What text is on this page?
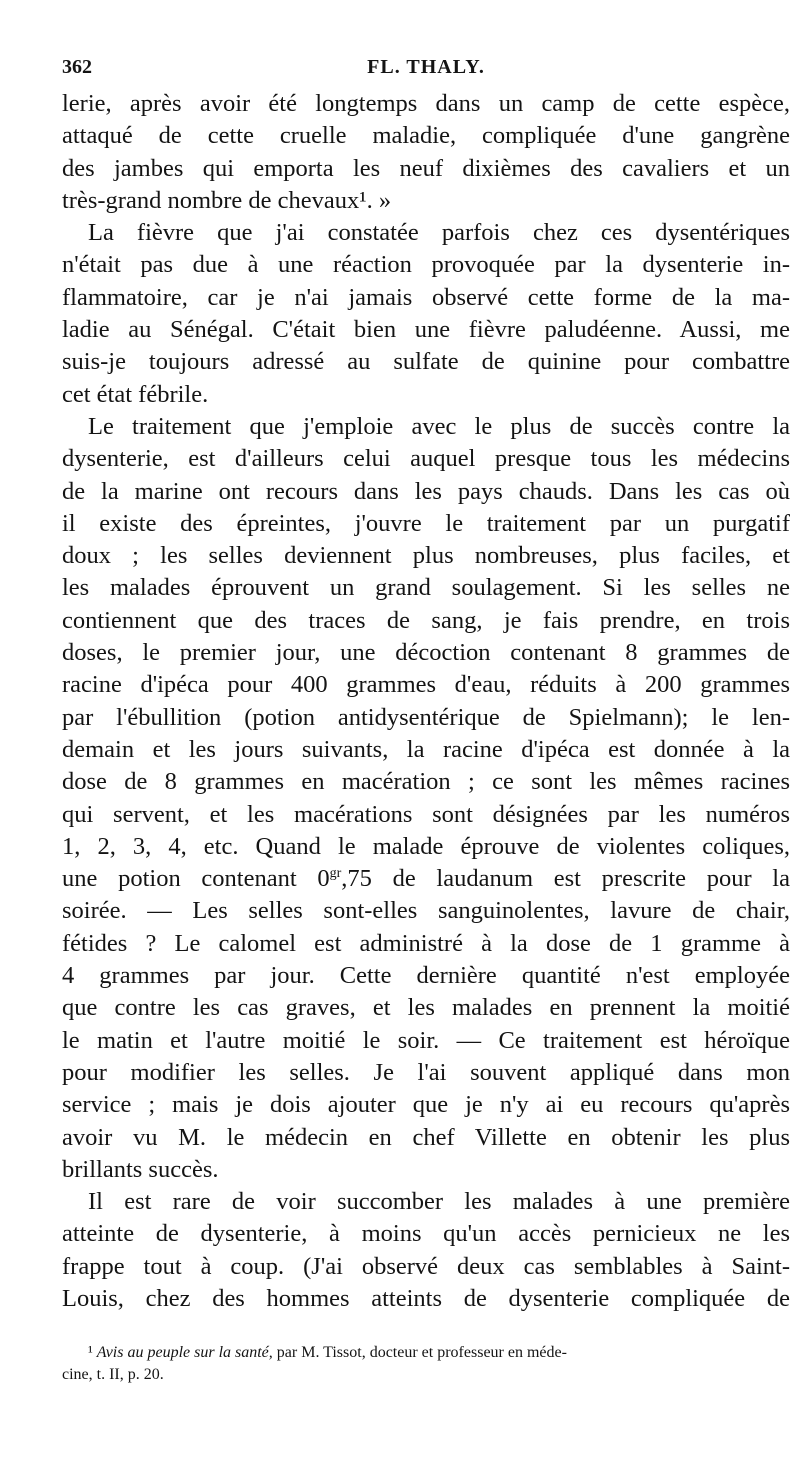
362	FL. THALY.
lerie, après avoir été longtemps dans un camp de cette espèce,
attaqué de cette cruelle maladie, compliquée d'une gangrène
des jambes qui emporta les neuf dixièmes des cavaliers et un
très-grand nombre de chevaux¹. »
La fièvre que j'ai constatée parfois chez ces dysentériques
n'était pas due à une réaction provoquée par la dysenterie in-
flammatoire, car je n'ai jamais observé cette forme de la ma-
ladie au Sénégal. C'était bien une fièvre paludéenne. Aussi, me
suis-je toujours adressé au sulfate de quinine pour combattre
cet état fébrile.
Le traitement que j'emploie avec le plus de succès contre la
dysenterie, est d'ailleurs celui auquel presque tous les médecins
de la marine ont recours dans les pays chauds. Dans les cas où
il existe des épreintes, j'ouvre le traitement par un purgatif
doux ; les selles deviennent plus nombreuses, plus faciles, et
les malades éprouvent un grand soulagement. Si les selles ne
contiennent que des traces de sang, je fais prendre, en trois
doses, le premier jour, une décoction contenant 8 grammes de
racine d'ipéca pour 400 grammes d'eau, réduits à 200 grammes
par l'ébullition (potion antidysentérique de Spielmann); le len-
demain et les jours suivants, la racine d'ipéca est donnée à la
dose de 8 grammes en macération ; ce sont les mêmes racines
qui servent, et les macérations sont désignées par les numéros
1, 2, 3, 4, etc. Quand le malade éprouve de violentes coliques,
une potion contenant $0^{gr},75$ de laudanum est prescrite pour la
soirée. — Les selles sont-elles sanguinolentes, lavure de chair,
fétides ? Le calomel est administré à la dose de 1 gramme à
4 grammes par jour. Cette dernière quantité n'est employée
que contre les cas graves, et les malades en prennent la moitié
le matin et l'autre moitié le soir. — Ce traitement est héroïque
pour modifier les selles. Je l'ai souvent appliqué dans mon
service ; mais je dois ajouter que je n'y ai eu recours qu'après
avoir vu M. le médecin en chef Villette en obtenir les plus
brillants succès.
Il est rare de voir succomber les malades à une première
atteinte de dysenterie, à moins qu'un accès pernicieux ne les
frappe tout à coup. (J'ai observé deux cas semblables à Saint-
Louis, chez des hommes atteints de dysenterie compliquée de
¹ Avis au peuple sur la santé, par M. Tissot, docteur et professeur en méde-
cine, t. II, p. 20.
